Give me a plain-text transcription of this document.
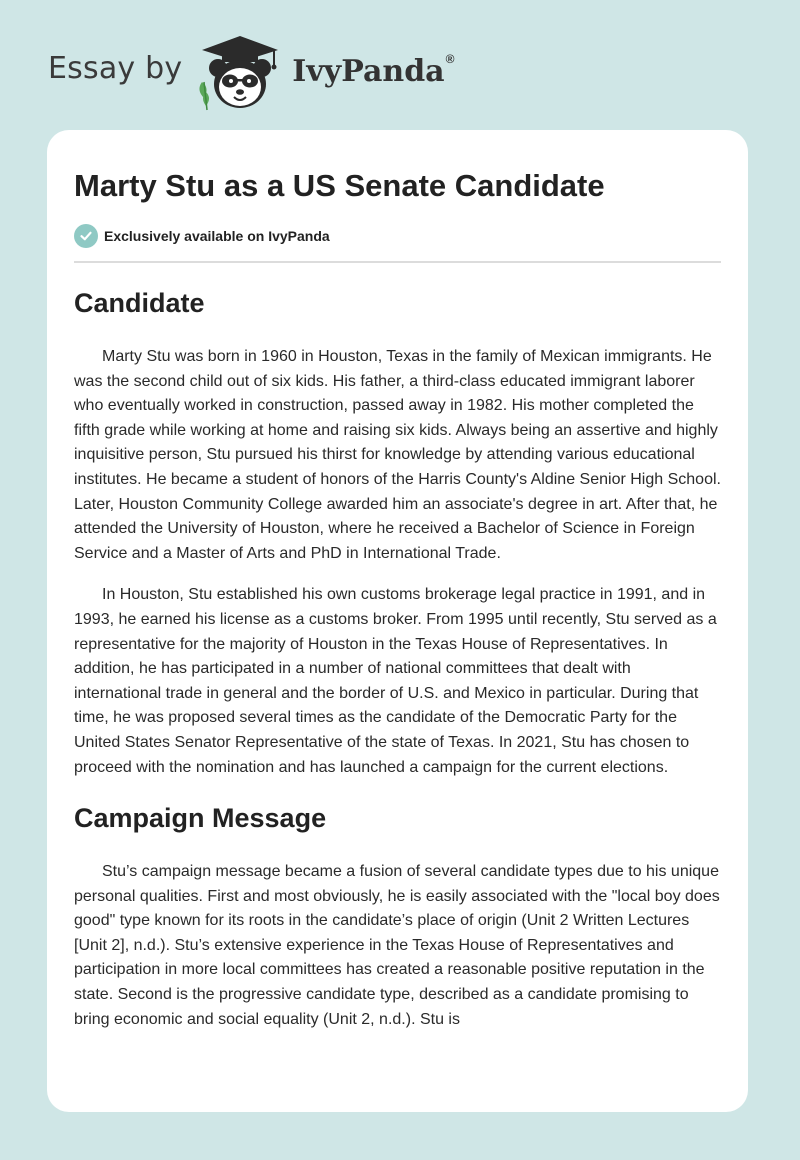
Essay by	IvyPanda®
Marty Stu as a US Senate Candidate
Exclusively available on IvyPanda
Candidate

Marty Stu was born in 1960 in Houston, Texas in the family of Mexican immigrants. He was the second child out of six kids. His father, a third-class educated immigrant laborer who eventually worked in construction, passed away in 1982. His mother completed the fifth grade while working at home and raising six kids. Always being an assertive and highly inquisitive person, Stu pursued his thirst for knowledge by attending various educational institutes. He became a student of honors of the Harris County's Aldine Senior High School. Later, Houston Community College awarded him an associate's degree in art. After that, he attended the University of Houston, where he received a Bachelor of Science in Foreign Service and a Master of Arts and PhD in International Trade.

In Houston, Stu established his own customs brokerage legal practice in 1991, and in 1993, he earned his license as a customs broker. From 1995 until recently, Stu served as a representative for the majority of Houston in the Texas House of Representatives. In addition, he has participated in a number of national committees that dealt with international trade in general and the border of U.S. and Mexico in particular. During that time, he was proposed several times as the candidate of the Democratic Party for the United States Senator Representative of the state of Texas. In 2021, Stu has chosen to proceed with the nomination and has launched a campaign for the current elections.

Campaign Message

Stu’s campaign message became a fusion of several candidate types due to his unique personal qualities. First and most obviously, he is easily associated with the "local boy does good" type known for its roots in the candidate’s place of origin (Unit 2 Written Lectures [Unit 2], n.d.). Stu’s extensive experience in the Texas House of Representatives and participation in more local committees has created a reasonable positive reputation in the state. Second is the progressive candidate type, described as a candidate promising to bring economic and social equality (Unit 2, n.d.). Stu is
